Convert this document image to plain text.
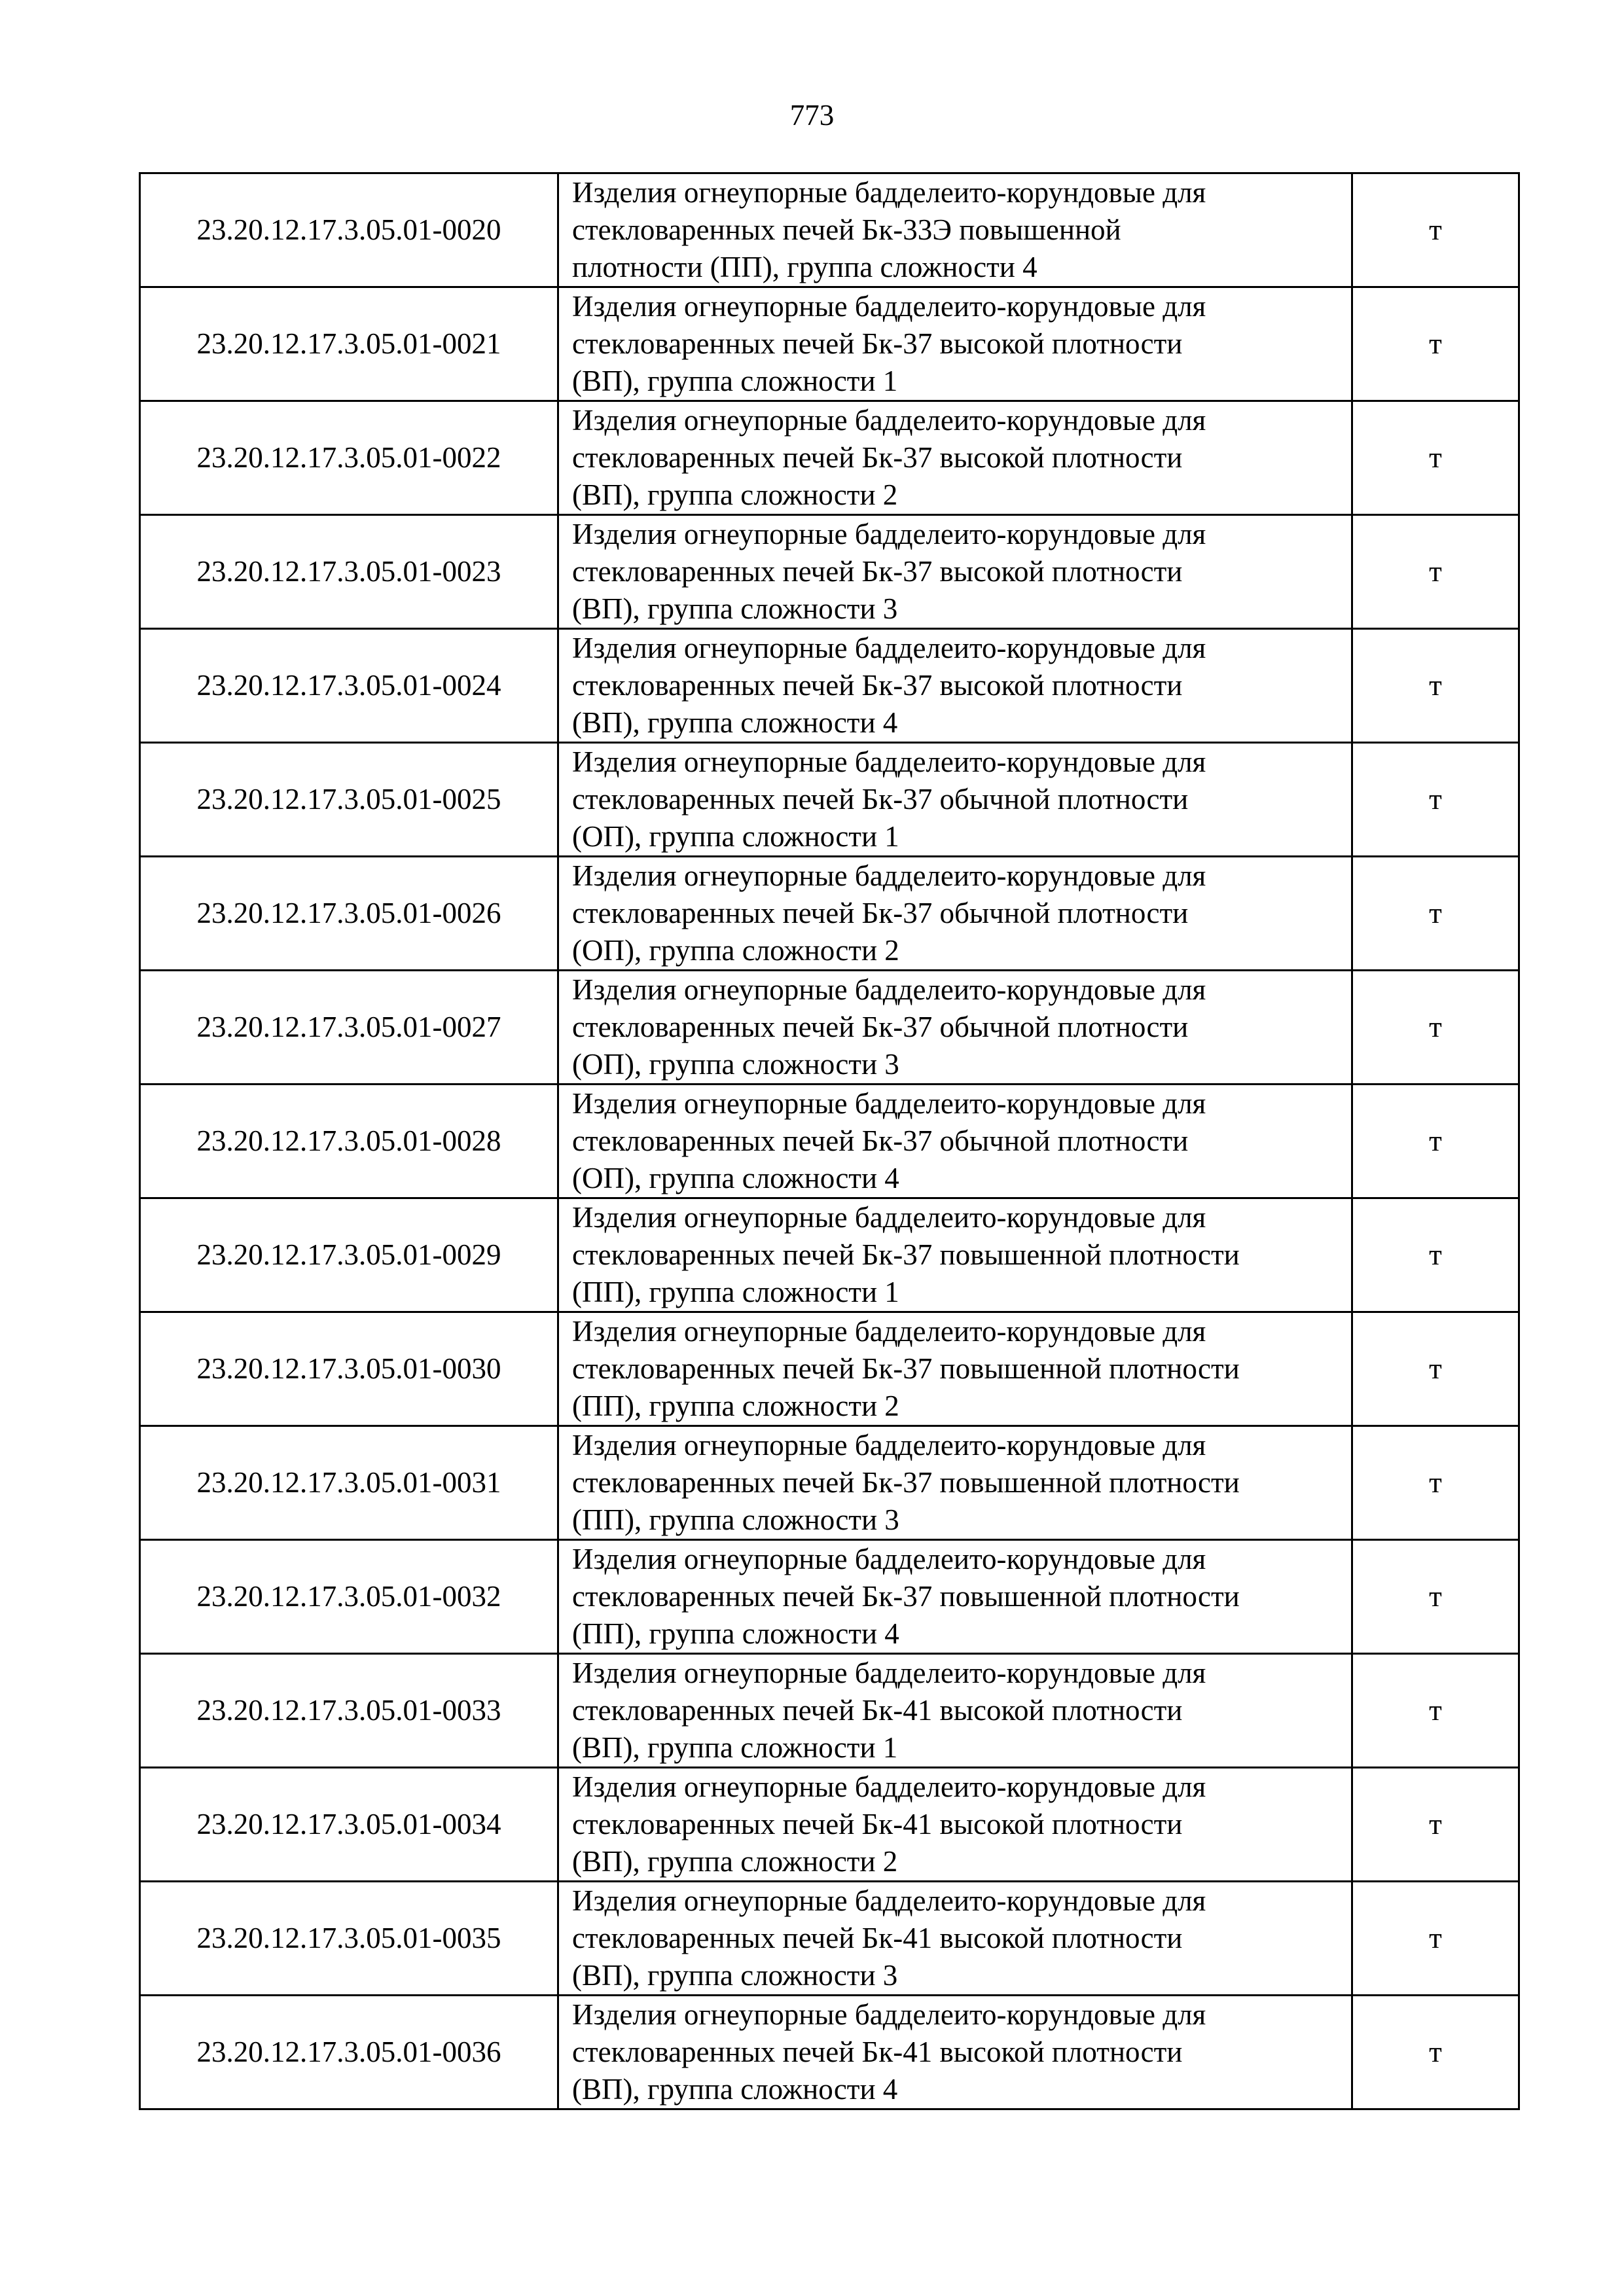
773
23.20.12.17.3.05.01-0020	Изделия огнеупорные бадделеито-корундовые для
стекловаренных печей Бк-33Э повышенной
плотности (ПП), группа сложности 4	т
23.20.12.17.3.05.01-0021	Изделия огнеупорные бадделеито-корундовые для
стекловаренных печей Бк-37 высокой плотности
(ВП), группа сложности 1	т
23.20.12.17.3.05.01-0022	Изделия огнеупорные бадделеито-корундовые для
стекловаренных печей Бк-37 высокой плотности
(ВП), группа сложности 2	т
23.20.12.17.3.05.01-0023	Изделия огнеупорные бадделеито-корундовые для
стекловаренных печей Бк-37 высокой плотности
(ВП), группа сложности 3	т
23.20.12.17.3.05.01-0024	Изделия огнеупорные бадделеито-корундовые для
стекловаренных печей Бк-37 высокой плотности
(ВП), группа сложности 4	т
23.20.12.17.3.05.01-0025	Изделия огнеупорные бадделеито-корундовые для
стекловаренных печей Бк-37 обычной плотности
(ОП), группа сложности 1	т
23.20.12.17.3.05.01-0026	Изделия огнеупорные бадделеито-корундовые для
стекловаренных печей Бк-37 обычной плотности
(ОП), группа сложности 2	т
23.20.12.17.3.05.01-0027	Изделия огнеупорные бадделеито-корундовые для
стекловаренных печей Бк-37 обычной плотности
(ОП), группа сложности 3	т
23.20.12.17.3.05.01-0028	Изделия огнеупорные бадделеито-корундовые для
стекловаренных печей Бк-37 обычной плотности
(ОП), группа сложности 4	т
23.20.12.17.3.05.01-0029	Изделия огнеупорные бадделеито-корундовые для
стекловаренных печей Бк-37 повышенной плотности
(ПП), группа сложности 1	т
23.20.12.17.3.05.01-0030	Изделия огнеупорные бадделеито-корундовые для
стекловаренных печей Бк-37 повышенной плотности
(ПП), группа сложности 2	т
23.20.12.17.3.05.01-0031	Изделия огнеупорные бадделеито-корундовые для
стекловаренных печей Бк-37 повышенной плотности
(ПП), группа сложности 3	т
23.20.12.17.3.05.01-0032	Изделия огнеупорные бадделеито-корундовые для
стекловаренных печей Бк-37 повышенной плотности
(ПП), группа сложности 4	т
23.20.12.17.3.05.01-0033	Изделия огнеупорные бадделеито-корундовые для
стекловаренных печей Бк-41 высокой плотности
(ВП), группа сложности 1	т
23.20.12.17.3.05.01-0034	Изделия огнеупорные бадделеито-корундовые для
стекловаренных печей Бк-41 высокой плотности
(ВП), группа сложности 2	т
23.20.12.17.3.05.01-0035	Изделия огнеупорные бадделеито-корундовые для
стекловаренных печей Бк-41 высокой плотности
(ВП), группа сложности 3	т
23.20.12.17.3.05.01-0036	Изделия огнеупорные бадделеито-корундовые для
стекловаренных печей Бк-41 высокой плотности
(ВП), группа сложности 4	т
